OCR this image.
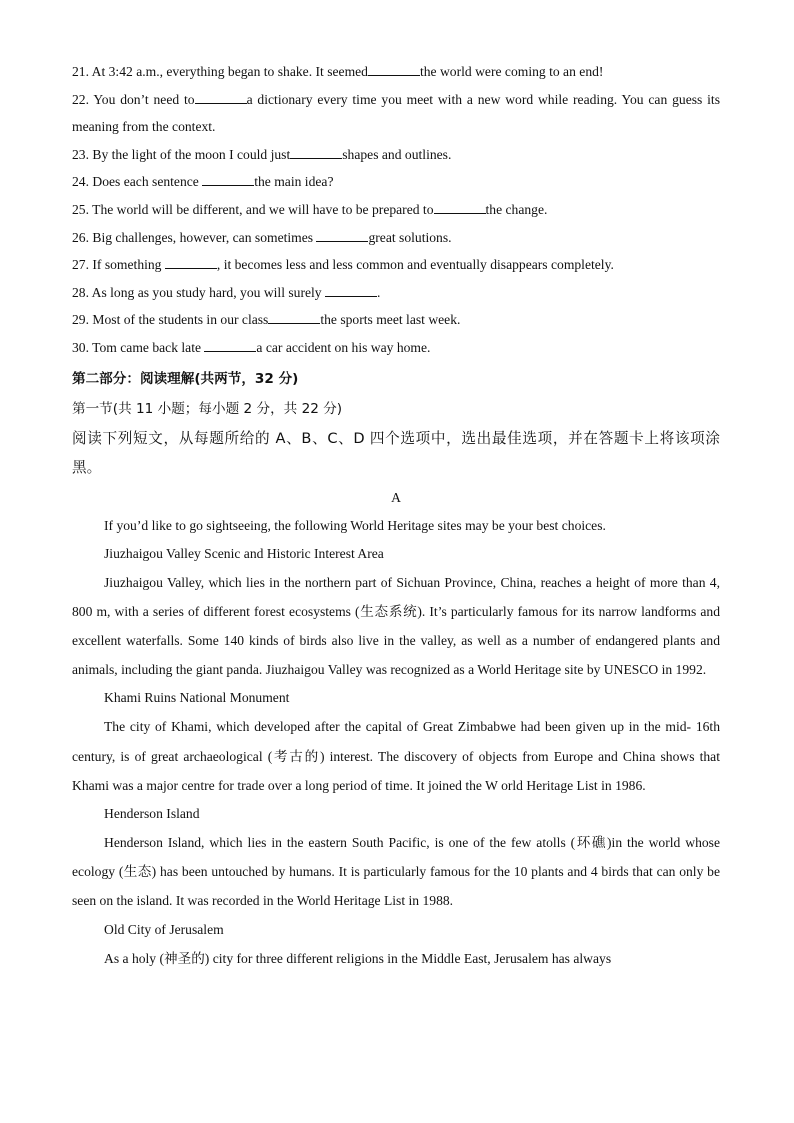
21. At 3:42 a.m., everything began to shake. It seemed	the world were coming to an end!
22. You don’t need to	a dictionary every time you meet with a new word while reading. You can guess its meaning from the context.
23. By the light of the moon I could just	shapes and outlines.
24. Does each sentence	the main idea?
25. The world will be different, and we will have to be prepared to	the change.
26. Big challenges, however, can sometimes	great solutions.
27. If something	, it becomes less and less common and eventually disappears completely.
28. As long as you study hard, you will surely	.
29. Most of the students in our class	the sports meet last week.
30. Tom came back late	a car accident on his way home.
第二部分：阅读理解(共两节，32 分)
第一节(共 11 小题；每小题 2 分，共 22 分)
阅读下列短文，从每题所给的 A、B、C、D 四个选项中，选出最佳选项，并在答题卡上将该项涂黑。
A
If you’d like to go sightseeing, the following World Heritage sites may be your best choices.
Jiuzhaigou Valley Scenic and Historic Interest Area
Jiuzhaigou Valley, which lies in the northern part of Sichuan Province, China, reaches a height of more than 4, 800 m, with a series of different forest ecosystems (生态系统). It’s particularly famous for its narrow landforms and excellent waterfalls. Some 140 kinds of birds also live in the valley, as well as a number of endangered plants and animals, including the giant panda. Jiuzhaigou Valley was recognized as a World Heritage site by UNESCO in 1992.
Khami Ruins National Monument
The city of Khami, which developed after the capital of Great Zimbabwe had been given up in the mid- 16th century, is of great archaeological (考古的) interest. The discovery of objects from Europe and China shows that Khami was a major centre for trade over a long period of time. It joined the W orld Heritage List in 1986.
Henderson Island
Henderson Island, which lies in the eastern South Pacific, is one of the few atolls (环礁)in the world whose ecology (生态) has been untouched by humans. It is particularly famous for the 10 plants and 4 birds that can only be seen on the island. It was recorded in the World Heritage List in 1988.
Old City of Jerusalem
As a holy (神圣的) city for three different religions in the Middle East, Jerusalem has always
